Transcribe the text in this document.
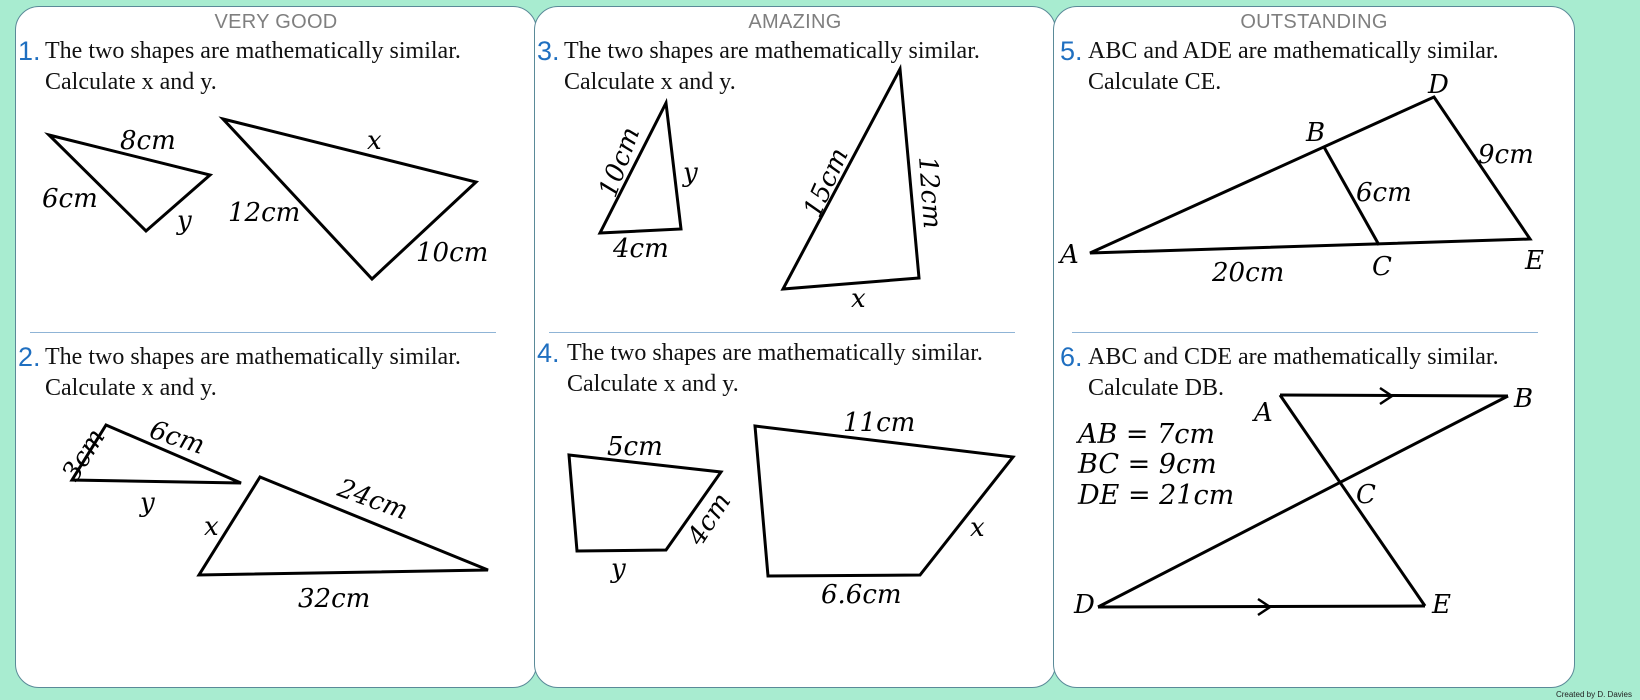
VERY GOOD
1. The two shapes are mathematically similar.
Calculate x and y.
8cm
6cm
y
x
12cm
10cm
2. The two shapes are mathematically similar.
Calculate x and y.
3cm 6cm
y	24cm
x
32cm
AMAZING
3. The two shapes are mathematically similar.
Calculate x and y.
10cm y
4cm
15cm 12cm
x
4. The two shapes are mathematically similar.
Calculate x and y.
5cm
4cm
y
11cm
x
6.6cm
OUTSTANDING
5. ABC and ADE are mathematically similar.
Calculate CE.
A
B
C
D
E
9cm
6cm
20cm
6. ABC and CDE are mathematically similar.
Calculate DB.
AB = 7cm
BC = 9cm
DE = 21cm
A	B
C
D	E
Created by D. Davies
